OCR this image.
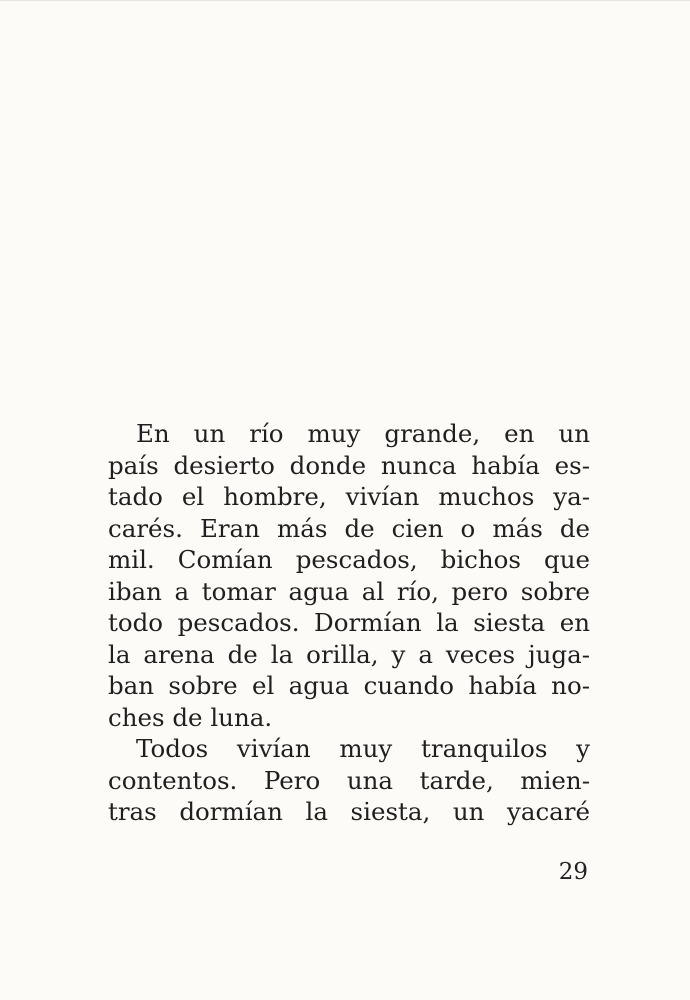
En un río muy grande, en un
país desierto donde nunca había es-
tado el hombre, vivían muchos ya-
carés. Eran más de cien o más de
mil. Comían pescados, bichos que
iban a tomar agua al río, pero sobre
todo pescados. Dormían la siesta en
la arena de la orilla, y a veces juga-
ban sobre el agua cuando había no-
ches de luna.
Todos vivían muy tranquilos y
contentos. Pero una tarde, mien-
tras dormían la siesta, un yacaré
29
